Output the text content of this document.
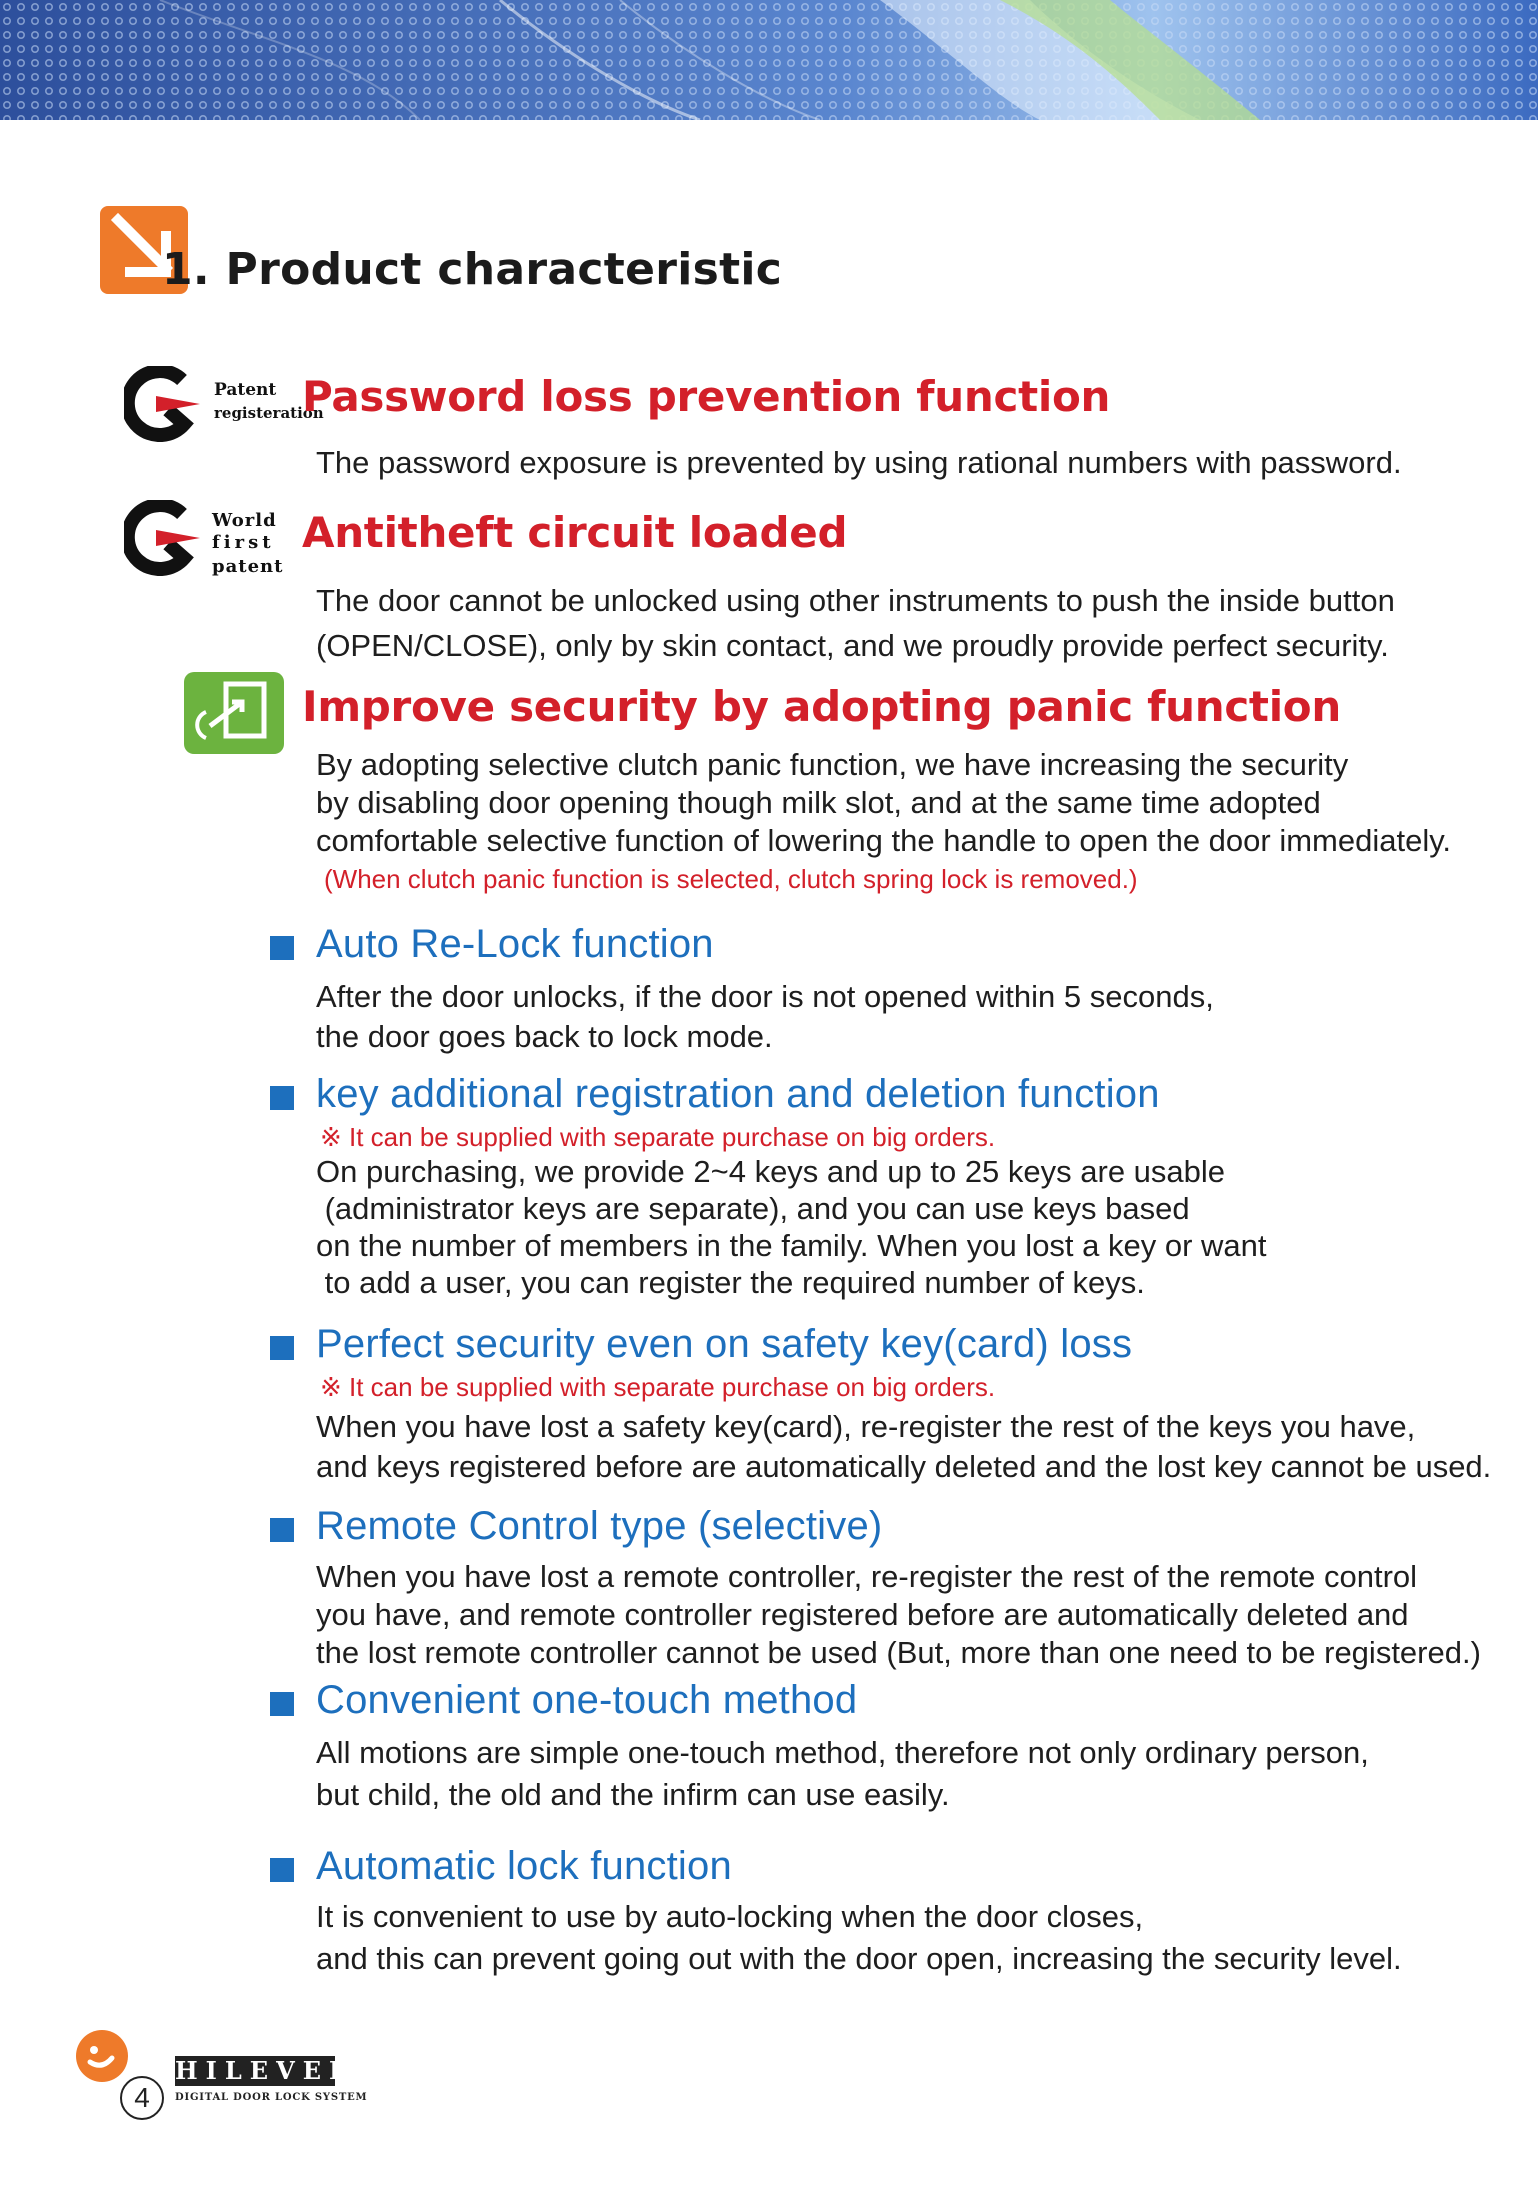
1. Product characteristic
Patent
registeration
Password loss prevention function
The password exposure is prevented by using rational numbers with password.
World
first
patent
Antitheft circuit loaded
The door cannot be unlocked using other instruments to push the inside button
(OPEN/CLOSE), only by skin contact, and we proudly provide perfect security.
Improve security by adopting panic function
By adopting selective clutch panic function, we have increasing the security
by disabling door opening though milk slot, and at the same time adopted
comfortable selective function of lowering the handle to open the door immediately.
(When clutch panic function is selected, clutch spring lock is removed.)
Auto Re-Lock function
After the door unlocks, if the door is not opened within 5 seconds,
the door goes back to lock mode.
key additional registration and deletion function
※ It can be supplied with separate purchase on big orders.
On purchasing, we provide 2~4 keys and up to 25 keys are usable
(administrator keys are separate), and you can use keys based
on the number of members in the family. When you lost a key or want
to add a user, you can register the required number of keys.
Perfect security even on safety key(card) loss
※ It can be supplied with separate purchase on big orders.
When you have lost a safety key(card), re-register the rest of the keys you have,
and keys registered before are automatically deleted and the lost key cannot be used.
Remote Control type (selective)
When you have lost a remote controller, re-register the rest of the remote control
you have, and remote controller registered before are automatically deleted and
the lost remote controller cannot be used (But, more than one need to be registered.)
Convenient one-touch method
All motions are simple one-touch method, therefore not only ordinary person,
but child, the old and the infirm can use easily.
Automatic lock function
It is convenient to use by auto-locking when the door closes,
and this can prevent going out with the door open, increasing the security level.
4
HILEVER
DIGITAL DOOR LOCK SYSTEM
